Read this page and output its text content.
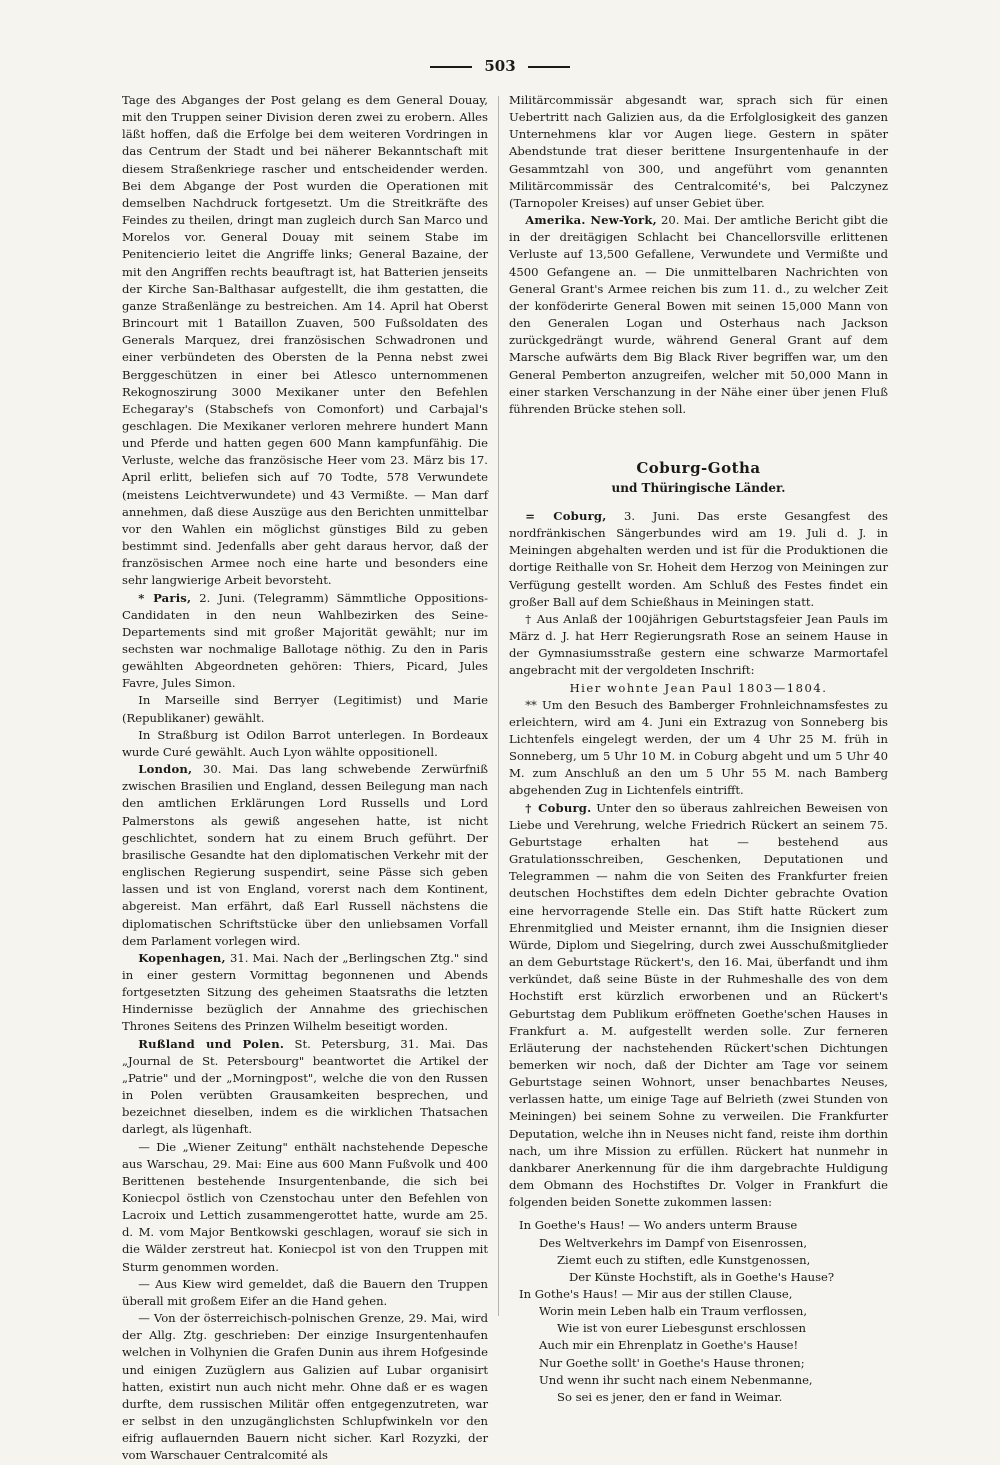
503

Tage des Abganges der Post gelang es dem General Douay, mit den Truppen seiner Division deren zwei zu erobern. Alles läßt hoffen, daß die Erfolge bei dem weiteren Vordringen in das Centrum der Stadt und bei näherer Bekanntschaft mit diesem Straßenkriege rascher und entscheidender werden. Bei dem Abgange der Post wurden die Operationen mit demselben Nachdruck fortgesetzt. Um die Streitkräfte des Feindes zu theilen, dringt man zugleich durch San Marco und Morelos vor. General Douay mit seinem Stabe im Penitencierio leitet die Angriffe links; General Bazaine, der mit den Angriffen rechts beauftragt ist, hat Batterien jenseits der Kirche San-Balthasar aufgestellt, die ihm gestatten, die ganze Straßenlänge zu bestreichen. Am 14. April hat Oberst Brincourt mit 1 Bataillon Zuaven, 500 Fußsoldaten des Generals Marquez, drei französischen Schwadronen und einer verbündeten des Obersten de la Penna nebst zwei Berggeschützen in einer bei Atlesco unternommenen Rekognoszirung 3000 Mexikaner unter den Befehlen Echegaray's (Stabschefs von Comonfort) und Carbajal's geschlagen. Die Mexikaner verloren mehrere hundert Mann und Pferde und hatten gegen 600 Mann kampfunfähig. Die Verluste, welche das französische Heer vom 23. März bis 17. April erlitt, beliefen sich auf 70 Todte, 578 Verwundete (meistens Leichtverwundete) und 43 Vermißte. — Man darf annehmen, daß diese Auszüge aus den Berichten unmittelbar vor den Wahlen ein möglichst günstiges Bild zu geben bestimmt sind. Jedenfalls aber geht daraus hervor, daß der französischen Armee noch eine harte und besonders eine sehr langwierige Arbeit bevorsteht.

* Paris, 2. Juni. (Telegramm) Sämmtliche Oppositions-Candidaten in den neun Wahlbezirken des Seine-Departements sind mit großer Majorität gewählt; nur im sechsten war nochmalige Ballotage nöthig. Zu den in Paris gewählten Abgeordneten gehören: Thiers, Picard, Jules Favre, Jules Simon.

In Marseille sind Berryer (Legitimist) und Marie (Republikaner) gewählt.

In Straßburg ist Odilon Barrot unterlegen. In Bordeaux wurde Curé gewählt. Auch Lyon wählte oppositionell.

London, 30. Mai. Das lang schwebende Zerwürfniß zwischen Brasilien und England, dessen Beilegung man nach den amtlichen Erklärungen Lord Russells und Lord Palmerstons als gewiß angesehen hatte, ist nicht geschlichtet, sondern hat zu einem Bruch geführt. Der brasilische Gesandte hat den diplomatischen Verkehr mit der englischen Regierung suspendirt, seine Pässe sich geben lassen und ist von England, vorerst nach dem Kontinent, abgereist. Man erfährt, daß Earl Russell nächstens die diplomatischen Schriftstücke über den unliebsamen Vorfall dem Parlament vorlegen wird.

Kopenhagen, 31. Mai. Nach der „Berlingschen Ztg." sind in einer gestern Vormittag begonnenen und Abends fortgesetzten Sitzung des geheimen Staatsraths die letzten Hindernisse bezüglich der Annahme des griechischen Thrones Seitens des Prinzen Wilhelm beseitigt worden.

Rußland und Polen. St. Petersburg, 31. Mai. Das „Journal de St. Petersbourg" beantwortet die Artikel der „Patrie" und der „Morningpost", welche die von den Russen in Polen verübten Grausamkeiten besprechen, und bezeichnet dieselben, indem es die wirklichen Thatsachen darlegt, als lügenhaft.

— Die „Wiener Zeitung" enthält nachstehende Depesche aus Warschau, 29. Mai: Eine aus 600 Mann Fußvolk und 400 Berittenen bestehende Insurgentenbande, die sich bei Koniecpol östlich von Czenstochau unter den Befehlen von Lacroix und Lettich zusammengerottet hatte, wurde am 25. d. M. vom Major Bentkowski geschlagen, worauf sie sich in die Wälder zerstreut hat. Koniecpol ist von den Truppen mit Sturm genommen worden.

— Aus Kiew wird gemeldet, daß die Bauern den Truppen überall mit großem Eifer an die Hand gehen.

— Von der österreichisch-polnischen Grenze, 29. Mai, wird der Allg. Ztg. geschrieben: Der einzige Insurgentenhaufen welchen in Volhynien die Grafen Dunin aus ihrem Hofgesinde und einigen Zuzüglern aus Galizien auf Lubar organisirt hatten, existirt nun auch nicht mehr. Ohne daß er es wagen durfte, dem russischen Militär offen entgegenzutreten, war er selbst in den unzugänglichsten Schlupfwinkeln vor den eifrig auflauernden Bauern nicht sicher. Karl Rozyzki, der vom Warschauer Centralcomité als

Militärcommissär abgesandt war, sprach sich für einen Uebertritt nach Galizien aus, da die Erfolglosigkeit des ganzen Unternehmens klar vor Augen liege. Gestern in später Abendstunde trat dieser berittene Insurgentenhaufe in der Gesammtzahl von 300, und angeführt vom genannten Militärcommissär des Centralcomité's, bei Palczynez (Tarnopoler Kreises) auf unser Gebiet über.

Amerika. New-York, 20. Mai. Der amtliche Bericht gibt die in der dreitägigen Schlacht bei Chancellorsville erlittenen Verluste auf 13,500 Gefallene, Verwundete und Vermißte und 4500 Gefangene an. — Die unmittelbaren Nachrichten von General Grant's Armee reichen bis zum 11. d., zu welcher Zeit der konföderirte General Bowen mit seinen 15,000 Mann von den Generalen Logan und Osterhaus nach Jackson zurückgedrängt wurde, während General Grant auf dem Marsche aufwärts dem Big Black River begriffen war, um den General Pemberton anzugreifen, welcher mit 50,000 Mann in einer starken Verschanzung in der Nähe einer über jenen Fluß führenden Brücke stehen soll.

Coburg-Gotha
und Thüringische Länder.

= Coburg, 3. Juni. Das erste Gesangfest des nordfränkischen Sängerbundes wird am 19. Juli d. J. in Meiningen abgehalten werden und ist für die Produktionen die dortige Reithalle von Sr. Hoheit dem Herzog von Meiningen zur Verfügung gestellt worden. Am Schluß des Festes findet ein großer Ball auf dem Schießhaus in Meiningen statt.

† Aus Anlaß der 100jährigen Geburtstagsfeier Jean Pauls im März d. J. hat Herr Regierungsrath Rose an seinem Hause in der Gymnasiumsstraße gestern eine schwarze Marmortafel angebracht mit der vergoldeten Inschrift:

Hier wohnte Jean Paul 1803—1804.

** Um den Besuch des Bamberger Frohnleichnamsfestes zu erleichtern, wird am 4. Juni ein Extrazug von Sonneberg bis Lichtenfels eingelegt werden, der um 4 Uhr 25 M. früh in Sonneberg, um 5 Uhr 10 M. in Coburg abgeht und um 5 Uhr 40 M. zum Anschluß an den um 5 Uhr 55 M. nach Bamberg abgehenden Zug in Lichtenfels eintrifft.

† Coburg. Unter den so überaus zahlreichen Beweisen von Liebe und Verehrung, welche Friedrich Rückert an seinem 75. Geburtstage erhalten hat — bestehend aus Gratulationsschreiben, Geschenken, Deputationen und Telegrammen — nahm die von Seiten des Frankfurter freien deutschen Hochstiftes dem edeln Dichter gebrachte Ovation eine hervorragende Stelle ein. Das Stift hatte Rückert zum Ehrenmitglied und Meister ernannt, ihm die Insignien dieser Würde, Diplom und Siegelring, durch zwei Ausschußmitglieder an dem Geburtstage Rückert's, den 16. Mai, überfandt und ihm verkündet, daß seine Büste in der Ruhmeshalle des von dem Hochstift erst kürzlich erworbenen und an Rückert's Geburtstag dem Publikum eröffneten Goethe'schen Hauses in Frankfurt a. M. aufgestellt werden solle. Zur ferneren Erläuterung der nachstehenden Rückert'schen Dichtungen bemerken wir noch, daß der Dichter am Tage vor seinem Geburtstage seinen Wohnort, unser benachbartes Neuses, verlassen hatte, um einige Tage auf Belrieth (zwei Stunden von Meiningen) bei seinem Sohne zu verweilen. Die Frankfurter Deputation, welche ihn in Neuses nicht fand, reiste ihm dorthin nach, um ihre Mission zu erfüllen. Rückert hat nunmehr in dankbarer Anerkennung für die ihm dargebrachte Huldigung dem Obmann des Hochstiftes Dr. Volger in Frankfurt die folgenden beiden Sonette zukommen lassen:

In Goethe's Haus! — Wo anders unterm Brause
Des Weltverkehrs im Dampf von Eisenrossen,
Ziemt euch zu stiften, edle Kunstgenossen,
Der Künste Hochstift, als in Goethe's Hause?
In Gothe's Haus! — Mir aus der stillen Clause,
Worin mein Leben halb ein Traum verflossen,
Wie ist von eurer Liebesgunst erschlossen
Auch mir ein Ehrenplatz in Goethe's Hause!
Nur Goethe sollt' in Goethe's Hause thronen;
Und wenn ihr sucht nach einem Nebenmanne,
So sei es jener, den er fand in Weimar.
